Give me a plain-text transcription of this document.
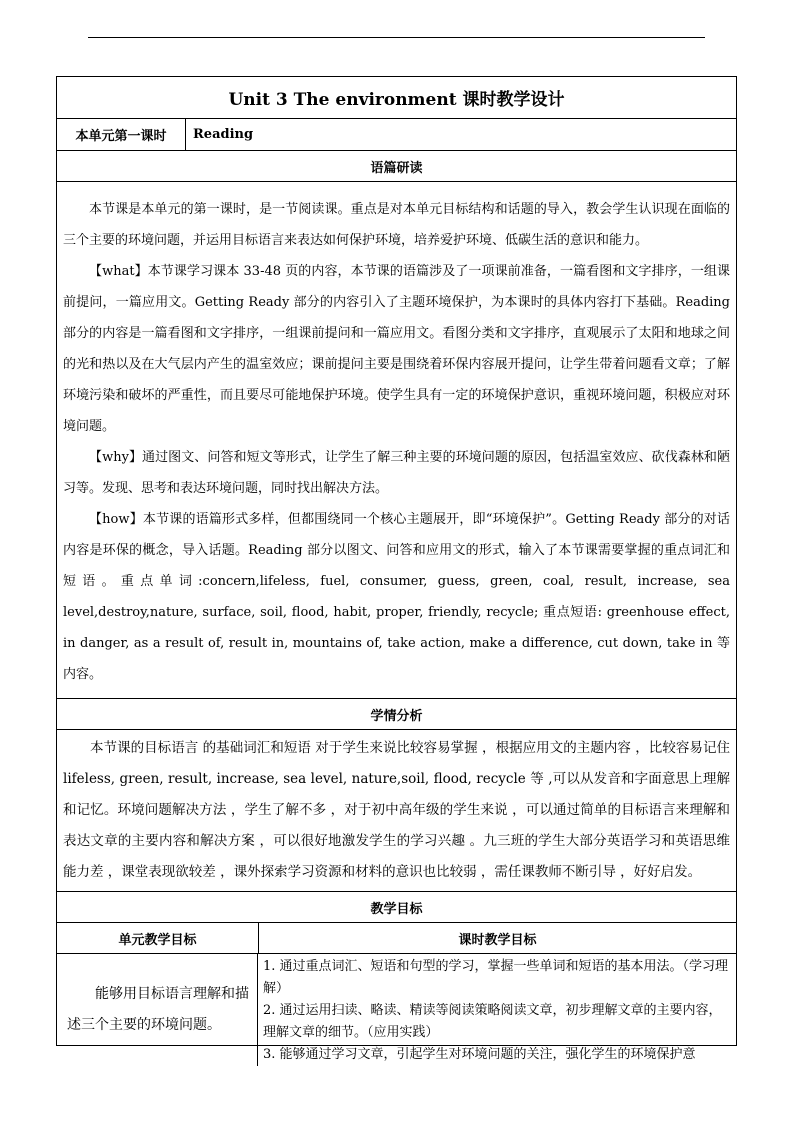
Unit 3 The environment 课时教学设计
本单元第一课时	Reading
语篇研读

本节课是本单元的第一课时，是一节阅读课。重点是对本单元目标结构和话题的导入，教会学生认识现在面临的三个主要的环境问题，并运用目标语言来表达如何保护环境，培养爱护环境、低碳生活的意识和能力。

【what】本节课学习课本 33-48 页的内容，本节课的语篇涉及了一项课前准备，一篇看图和文字排序，一组课前提问，一篇应用文。Getting Ready 部分的内容引入了主题环境保护，为本课时的具体内容打下基础。Reading 部分的内容是一篇看图和文字排序，一组课前提问和一篇应用文。看图分类和文字排序，直观展示了太阳和地球之间的光和热以及在大气层内产生的温室效应；课前提问主要是围绕着环保内容展开提问，让学生带着问题看文章；了解环境污染和破坏的严重性，而且要尽可能地保护环境。使学生具有一定的环境保护意识，重视环境问题，积极应对环境问题。

【why】通过图文、问答和短文等形式，让学生了解三种主要的环境问题的原因，包括温室效应、砍伐森林和陋习等。发现、思考和表达环境问题，同时找出解决方法。

【how】本节课的语篇形式多样，但都围绕同一个核心主题展开，即“环境保护”。Getting Ready 部分的对话内容是环保的概念，导入话题。Reading 部分以图文、问答和应用文的形式，输入了本节课需要掌握的重点词汇和短语。重点单词:concern,lifeless, fuel, consumer, guess, green, coal, result, increase, sea level,destroy,nature, surface, soil, flood, habit, proper, friendly, recycle; 重点短语: greenhouse effect, in danger, as a result of, result in, mountains of, take action, make a difference, cut down, take in 等内容。

学情分析

本节课的目标语言 的基础词汇和短语 对于学生来说比较容易掌握 ，根据应用文的主题内容 ，比较容易记住 lifeless, green, result, increase, sea level, nature,soil, flood, recycle 等 ,可以从发音和字面意思上理解和记忆。环境问题解决方法 ，学生了解不多 ，对于初中高年级的学生来说 ，可以通过简单的目标语言来理解和表达文章的主要内容和解决方案 ，可以很好地激发学生的学习兴趣 。九三班的学生大部分英语学习和英语思维能力差 ，课堂表现欲较差 ，课外探索学习资源和材料的意识也比较弱 ，需任课教师不断引导 ，好好启发。

教学目标
单元教学目标	课时教学目标
能够用目标语言理解和描述三个主要的环境问题。
1. 通过重点词汇、短语和句型的学习，掌握一些单词和短语的基本用法。（学习理解）
2. 通过运用扫读、略读、精读等阅读策略阅读文章，初步理解文章的主要内容，理解文章的细节。（应用实践）
3. 能够通过学习文章，引起学生对环境问题的关注，强化学生的环境保护意
